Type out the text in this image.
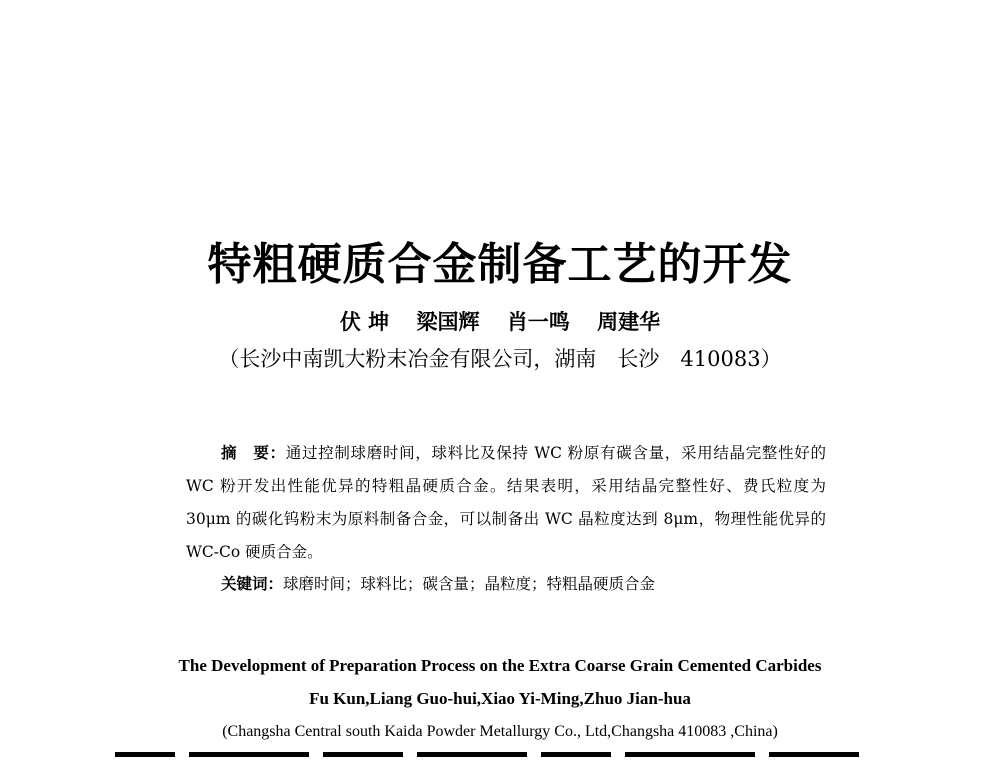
特粗硬质合金制备工艺的开发
伏 坤 梁国辉 肖一鸣 周建华
（长沙中南凯大粉末冶金有限公司，湖南　长沙　410083）

摘　要：通过控制球磨时间，球料比及保持 WC 粉原有碳含量，采用结晶完整性好的 WC 粉开发出性能优异的特粗晶硬质合金。结果表明，采用结晶完整性好、费氏粒度为 30μm 的碳化钨粉末为原料制备合金，可以制备出 WC 晶粒度达到 8μm，物理性能优异的 WC-Co 硬质合金。

关键词：球磨时间；球料比；碳含量；晶粒度；特粗晶硬质合金
The Development of Preparation Process on the Extra Coarse Grain Cemented Carbides
Fu Kun,Liang Guo-hui,Xiao Yi-Ming,Zhuo Jian-hua
(Changsha Central south Kaida Powder Metallurgy Co., Ltd,Changsha 410083 ,China)
